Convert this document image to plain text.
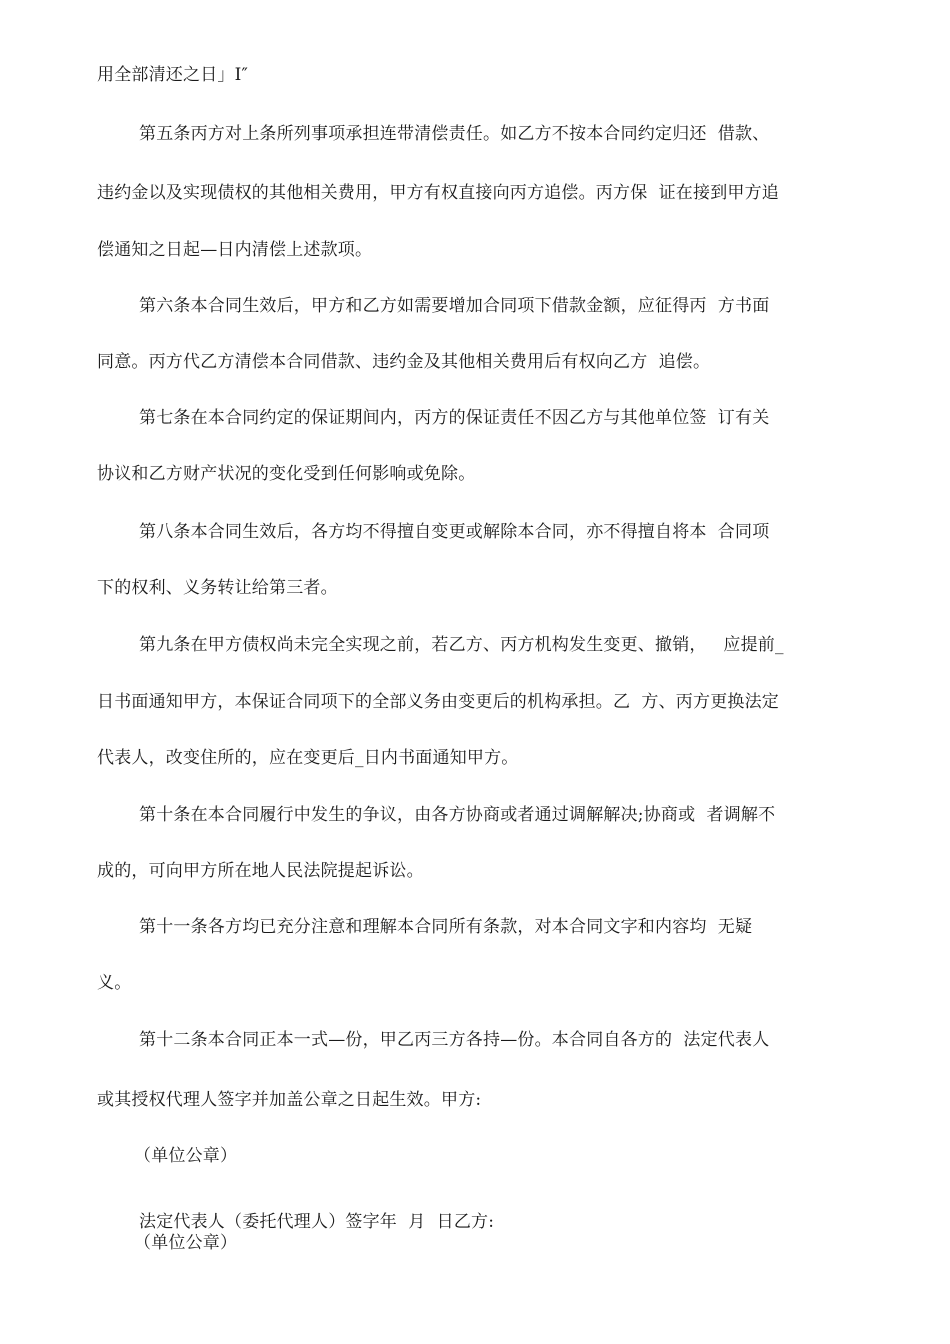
用全部清还之日」I″
第五条丙方对上条所列事项承担连带清偿责任。如乙方不按本合同约定归还  借款、
违约金以及实现债权的其他相关费用，甲方有权直接向丙方追偿。丙方保  证在接到甲方追
偿通知之日起—日内清偿上述款项。
第六条本合同生效后，甲方和乙方如需要增加合同项下借款金额，应征得丙  方书面
同意。丙方代乙方清偿本合同借款、违约金及其他相关费用后有权向乙方  追偿。
第七条在本合同约定的保证期间内，丙方的保证责任不因乙方与其他单位签  订有关
协议和乙方财产状况的变化受到任何影响或免除。
第八条本合同生效后，各方均不得擅自变更或解除本合同，亦不得擅自将本  合同项
下的权利、义务转让给第三者。
第九条在甲方债权尚未完全实现之前，若乙方、丙方机构发生变更、撤销，   应提前_
日书面通知甲方，本保证合同项下的全部义务由变更后的机构承担。乙  方、丙方更换法定
代表人，改变住所的，应在变更后_日内书面通知甲方。
第十条在本合同履行中发生的争议，由各方协商或者通过调解解决;协商或  者调解不
成的，可向甲方所在地人民法院提起诉讼。
第十一条各方均已充分注意和理解本合同所有条款，对本合同文字和内容均  无疑
义。
第十二条本合同正本一式—份，甲乙丙三方各持—份。本合同自各方的  法定代表人
或其授权代理人签字并加盖公章之日起生效。甲方:
（单位公章）
法定代表人（委托代理人）签字年  月  日乙方:
（单位公章）
